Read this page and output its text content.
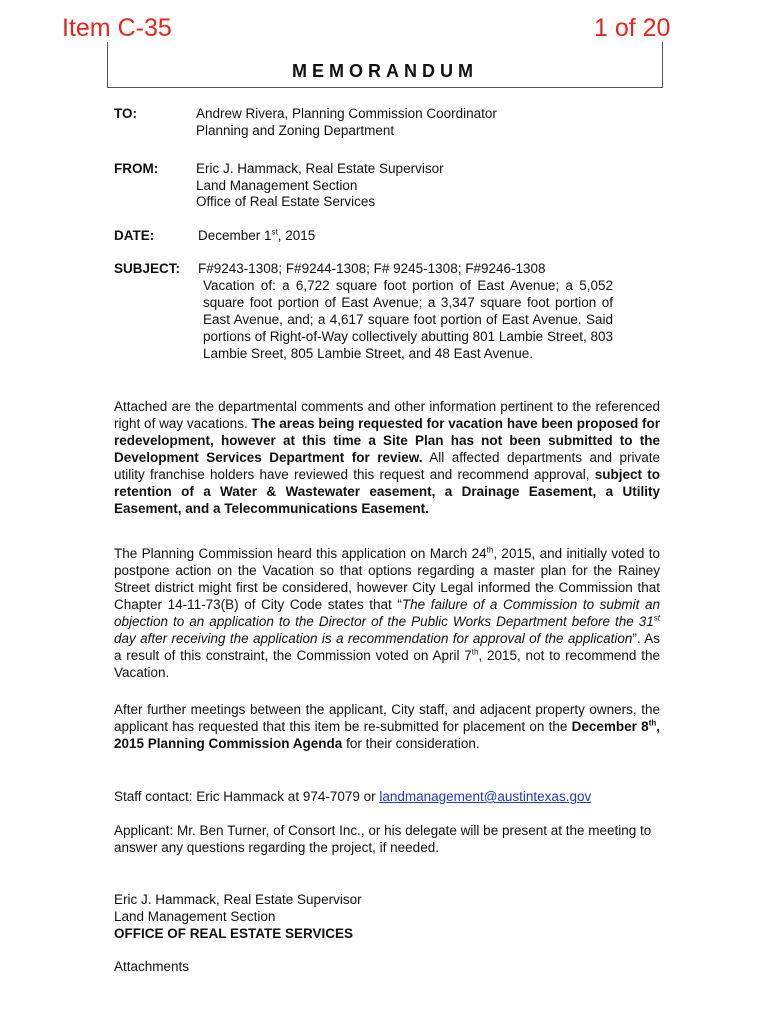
Item C-35	1 of 20
MEMORANDUM
TO:	Andrew Rivera, Planning Commission Coordinator
Planning and Zoning Department
FROM:	Eric J. Hammack, Real Estate Supervisor
Land Management Section
Office of Real Estate Services
DATE:	December 1st, 2015
SUBJECT: F#9243-1308; F#9244-1308; F# 9245-1308; F#9246-1308
Vacation of: a 6,722 square foot portion of East Avenue; a 5,052 square foot portion of East Avenue; a 3,347 square foot portion of East Avenue, and; a 4,617 square foot portion of East Avenue. Said portions of Right-of-Way collectively abutting 801 Lambie Street, 803 Lambie Sreet, 805 Lambie Street, and 48 East Avenue.
Attached are the departmental comments and other information pertinent to the referenced right of way vacations. The areas being requested for vacation have been proposed for redevelopment, however at this time a Site Plan has not been submitted to the Development Services Department for review. All affected departments and private utility franchise holders have reviewed this request and recommend approval, subject to retention of a Water & Wastewater easement, a Drainage Easement, a Utility Easement, and a Telecommunications Easement.
The Planning Commission heard this application on March 24th, 2015, and initially voted to postpone action on the Vacation so that options regarding a master plan for the Rainey Street district might first be considered, however City Legal informed the Commission that Chapter 14-11-73(B) of City Code states that “The failure of a Commission to submit an objection to an application to the Director of the Public Works Department before the 31st day after receiving the application is a recommendation for approval of the application”. As a result of this constraint, the Commission voted on April 7th, 2015, not to recommend the Vacation.
After further meetings between the applicant, City staff, and adjacent property owners, the applicant has requested that this item be re-submitted for placement on the December 8th, 2015 Planning Commission Agenda for their consideration.
Staff contact: Eric Hammack at 974-7079 or landmanagement@austintexas.gov
Applicant: Mr. Ben Turner, of Consort Inc., or his delegate will be present at the meeting to answer any questions regarding the project, if needed.
Eric J. Hammack, Real Estate Supervisor
Land Management Section
OFFICE OF REAL ESTATE SERVICES
Attachments
